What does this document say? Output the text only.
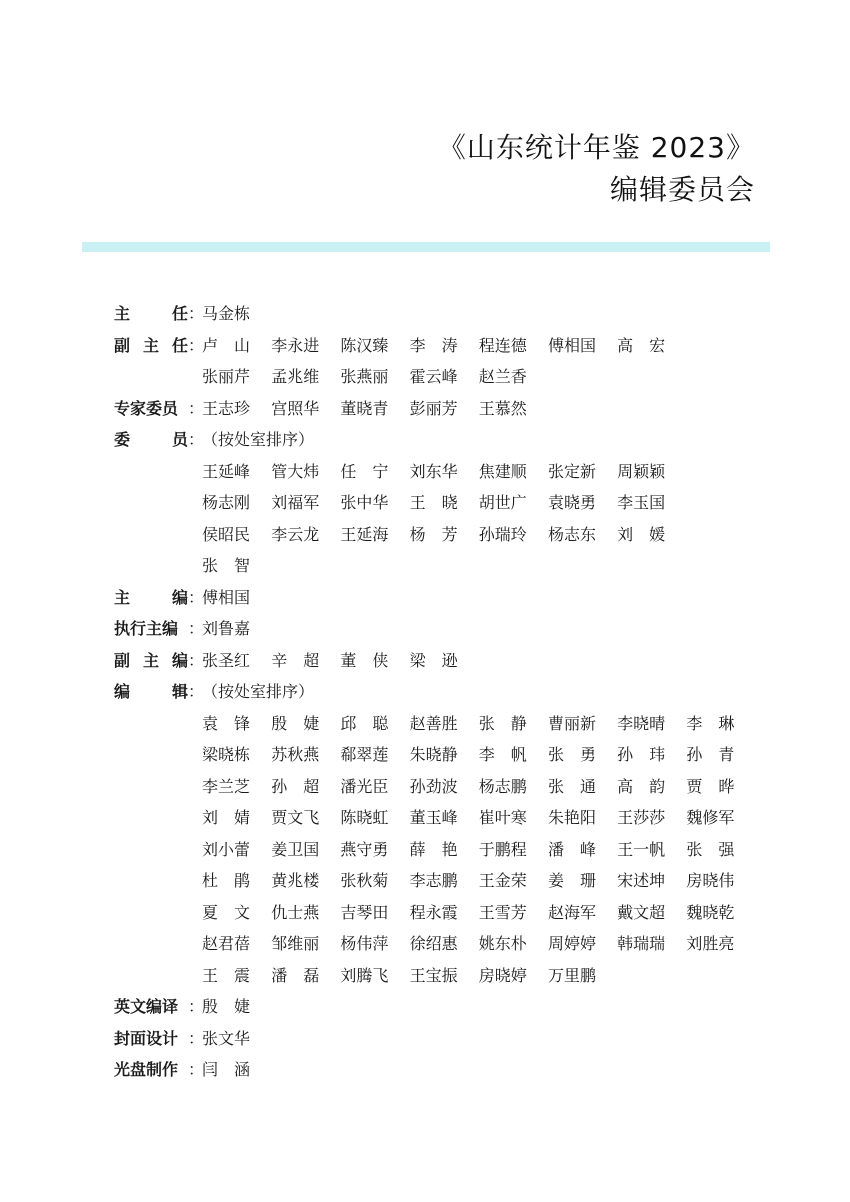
《山东统计年鉴 2023》
编辑委员会
主	任 ：
马金栋
副 主 任 ：
卢　山 李永进 陈汉臻 李　涛 程连德 傅相国 高　宏
张丽芹 孟兆维 张燕丽 霍云峰 赵兰香
专家委员 ：
王志珍 宫照华 董晓青 彭丽芳 王慕然
委	员 ：
（按处室排序）
王延峰 管大炜 任　宁 刘东华 焦建顺 张定新 周颖颖
杨志刚 刘福军 张中华 王　晓 胡世广 袁晓勇 李玉国
侯昭民 李云龙 王延海 杨　芳 孙瑞玲 杨志东 刘　媛
张　智
主	编 ：
傅相国
执行主编 ：
刘鲁嘉
副 主 编 ：
张圣红 辛　超 董　侠 梁　逊
编	辑 ：
（按处室排序）
袁　锋 殷　婕 邱　聪 赵善胜 张　静 曹丽新 李晓晴 李　琳
梁晓栋 苏秋燕 郗翠莲 朱晓静 李　帆 张　勇 孙　玮 孙　青
李兰芝 孙　超 潘光臣 孙劲波 杨志鹏 张　通 高　韵 贾　晔
刘　婧 贾文飞 陈晓虹 董玉峰 崔叶寒 朱艳阳 王莎莎 魏修军
刘小蕾 姜卫国 燕守勇 薛　艳 于鹏程 潘　峰 王一帆 张　强
杜　鹃 黄兆楼 张秋菊 李志鹏 王金荣 姜　珊 宋述坤 房晓伟
夏　文 仇士燕 吉琴田 程永霞 王雪芳 赵海军 戴文超 魏晓乾
赵君蓓 邹维丽 杨伟萍 徐绍惠 姚东朴 周婷婷 韩瑞瑞 刘胜亮
王　震 潘　磊 刘腾飞 王宝振 房晓婷 万里鹏
英文编译 ：
殷　婕
封面设计 ：
张文华
光盘制作 ：
闫　涵
